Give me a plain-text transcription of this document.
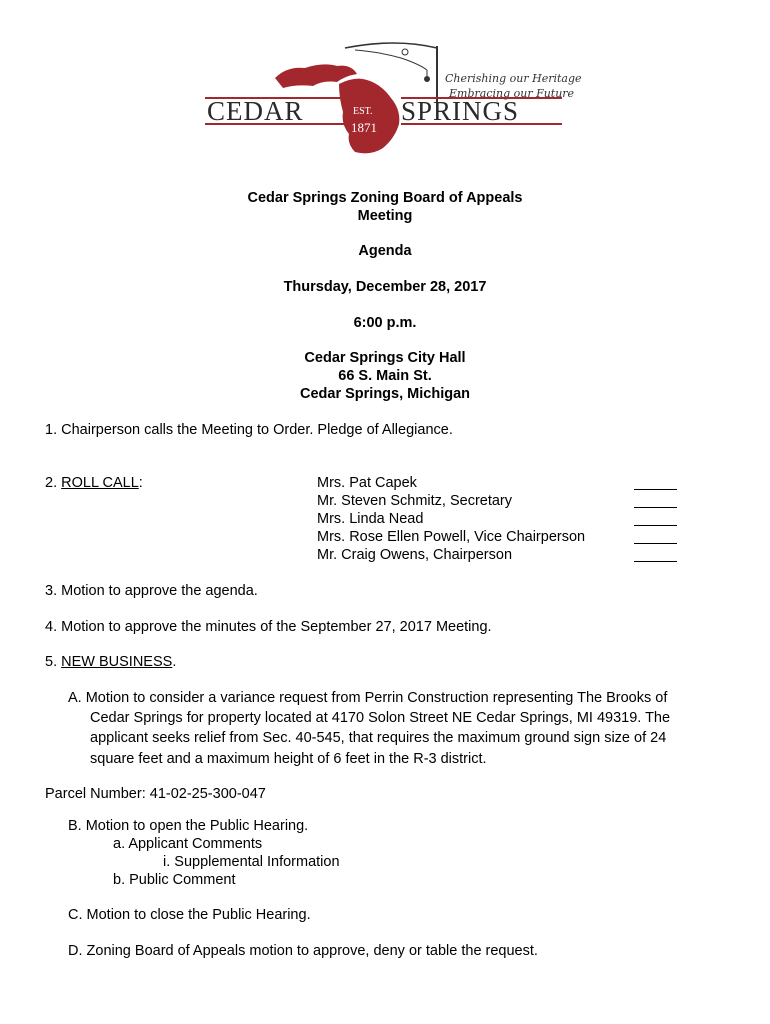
EST.
1871
Cherishing our Heritage
Embracing our Future
CEDAR	SPRINGS
Cedar Springs Zoning Board of Appeals
Meeting
Agenda
Thursday, December 28, 2017
6:00 p.m.
Cedar Springs City Hall
66 S. Main St.
Cedar Springs, Michigan
1. Chairperson calls the Meeting to Order. Pledge of Allegiance.
2. ROLL CALL:	Mrs. Pat Capek
Mr. Steven Schmitz, Secretary
Mrs. Linda Nead
Mrs. Rose Ellen Powell, Vice Chairperson
Mr. Craig Owens, Chairperson
3. Motion to approve the agenda.
4. Motion to approve the minutes of the September 27, 2017 Meeting.
5. NEW BUSINESS.
A. Motion to consider a variance request from Perrin Construction representing The Brooks of
Cedar Springs for property located at 4170 Solon Street NE Cedar Springs, MI 49319. The
applicant seeks relief from Sec. 40-545, that requires the maximum ground sign size of 24
square feet and a maximum height of 6 feet in the R-3 district.
Parcel Number: 41-02-25-300-047
B. Motion to open the Public Hearing.
a. Applicant Comments
i. Supplemental Information
b. Public Comment
C. Motion to close the Public Hearing.
D. Zoning Board of Appeals motion to approve, deny or table the request.
